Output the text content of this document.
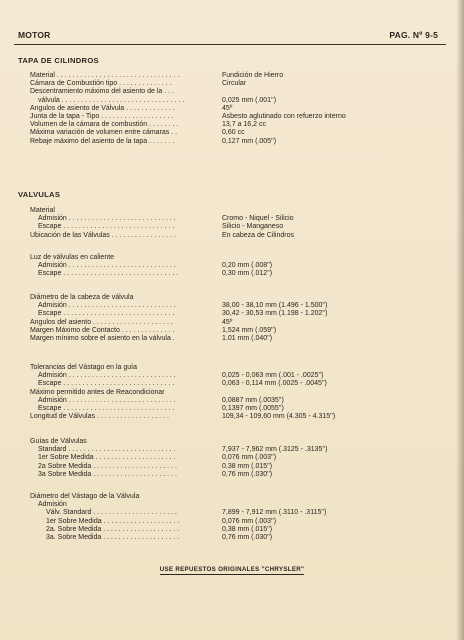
MOTOR	PAG. Nº 9-5
TAPA DE CILINDROS
Material . . . . . . . . . . . . . . . . . . . . . . . . . . . . . . . .	Fundición de Hierro
Cámara de Combustión tipo . . . . . . . . . . . . . .	Circular
Descentramiento máximo del asiento de la . . .
válvula . . . . . . . . . . . . . . . . . . . . . . . . . . . . . . . .	0,025 mm (.001'')
Angulos de asiento de Válvula . . . . . . . . . . . . .	45º
Junta de la tapa - Tipo . . . . . . . . . . . . . . . . . . .	Asbesto aglutinado con refuerzo interno
Volumen de la cámara de combustión . . . . . . . .	13,7 a 16,2 cc
Máxima variación de volumen entre cámaras . .	0,60 cc
Rebaje máximo del asiento de la tapa . . . . . . .	0,127 mm (.005'')
VALVULAS
Material
Admisión . . . . . . . . . . . . . . . . . . . . . . . . . . . .	Cromo - Niquel - Silicio
Escape . . . . . . . . . . . . . . . . . . . . . . . . . . . . .	Silicio - Manganeso
Ubicación de las Válvulas . . . . . . . . . . . . . . . . .	En cabeza de Cilindros
Luz de válvulas en caliente
Admisión . . . . . . . . . . . . . . . . . . . . . . . . . . . .	0,20 mm (.008'')
Escape . . . . . . . . . . . . . . . . . . . . . . . . . . . . . .	0,30 mm (.012'')
Diámetro de la cabeza de válvula
Admisión . . . . . . . . . . . . . . . . . . . . . . . . . . . .	38,00 - 38,10 mm (1.496 - 1.500'')
Escape . . . . . . . . . . . . . . . . . . . . . . . . . . . . .	30,42 - 30,53 mm (1.198 - 1.202'')
Angulos del asiento . . . . . . . . . . . . . . . . . . . . .	45º
Margen Máximo de Contacto . . . . . . . . . . . . . .	1,524 mm (.059'')
Margen mínimo sobre el asiento en la válvula .	1.01 mm (.040'')
Tolerancias del Vástago en la guía
Admisión . . . . . . . . . . . . . . . . . . . . . . . . . . . .	0,025 - 0,063 mm (.001 - .0025'')
Escape . . . . . . . . . . . . . . . . . . . . . . . . . . . . .	0,063 - 0,114 mm (.0025 - .0045'')
Máximo permitido antes de Reacondicionar
Admisión . . . . . . . . . . . . . . . . . . . . . . . . . . . .	0,0887 mm (.0035'')
Escape . . . . . . . . . . . . . . . . . . . . . . . . . . . . .	0,1397 mm (.0055'')
Longitud de Válvulas . . . . . . . . . . . . . . . . . . .	109,34 - 109,60 mm (4.305 - 4.315'')
Guías de Válvulas
Standard . . . . . . . . . . . . . . . . . . . . . . . . . . . .	7,937 - 7,962 mm (.3125 - .3135'')
1er Sobre Medida . . . . . . . . . . . . . . . . . . . . .	0,076 mm (.003'')
2a Sobre Medida . . . . . . . . . . . . . . . . . . . . . .	0,38 mm (.015'')
3a Sobre Medida . . . . . . . . . . . . . . . . . . . . . .	0,76 mm (.030'')
Diámetro del Vástago de la Válvula
Admisión
Válv. Standard . . . . . . . . . . . . . . . . . . . . . .	7,899 - 7,912 mm (.3110 - .3115'')
1er Sobre Medida . . . . . . . . . . . . . . . . . . . .	0,076 mm (.003'')
2a. Sobre Medida . . . . . . . . . . . . . . . . . . . .	0,38 mm (.015'')
3a. Sobre Medida . . . . . . . . . . . . . . . . . . . .	0,76 mm (.030'')
USE REPUESTOS ORIGINALES "CHRYSLER"
